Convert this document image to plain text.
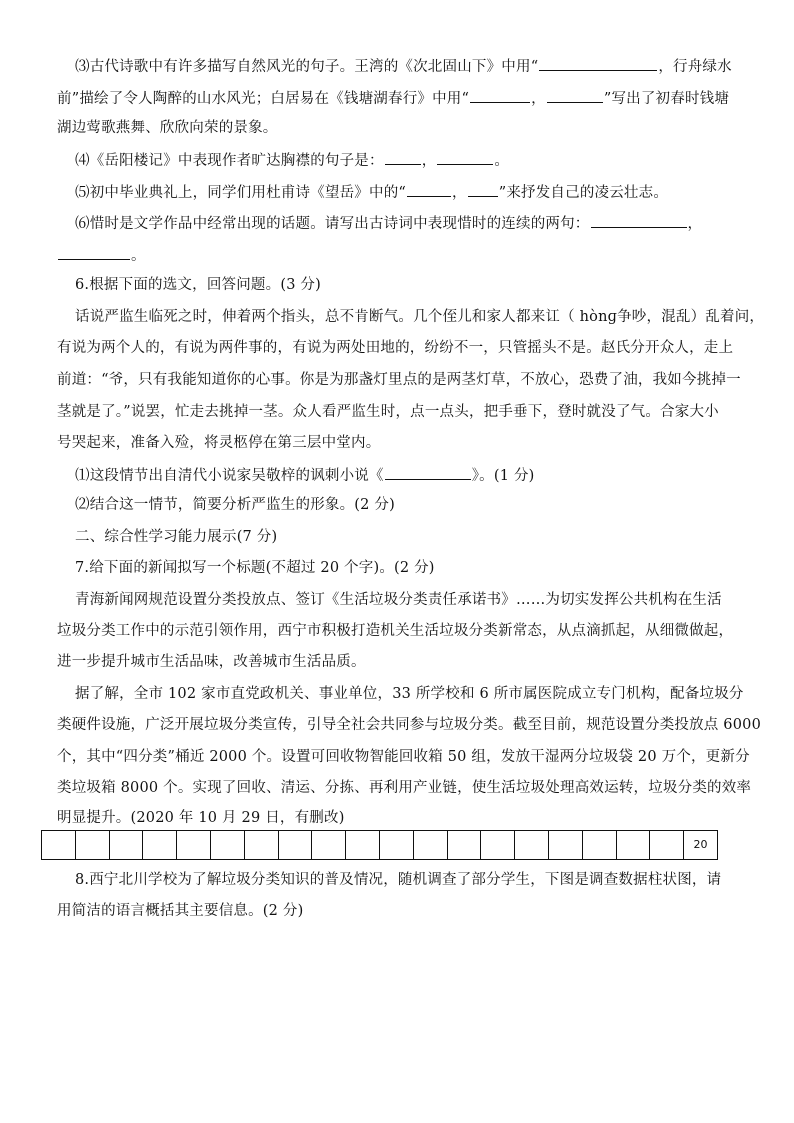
⑶古代诗歌中有许多描写自然风光的句子。王湾的《次北固山下》中用“	，行舟绿水
前”描绘了令人陶醉的山水风光；白居易在《钱塘湖春行》中用“	，	”写出了初春时钱塘
湖边莺歌燕舞、欣欣向荣的景象。
⑷《岳阳楼记》中表现作者旷达胸襟的句子是：	，	。
⑸初中毕业典礼上，同学们用杜甫诗《望岳》中的“	， ”来抒发自己的凌云壮志。
⑹惜时是文学作品中经常出现的话题。请写出古诗词中表现惜时的连续的两句：	，
。
6.根据下面的选文，回答问题。(3 分)
话说严监生临死之时，伸着两个指头，总不肯断气。几个侄儿和家人都来讧（ hònɡ争吵，混乱）乱着问，
有说为两个人的，有说为两件事的，有说为两处田地的，纷纷不一，只管摇头不是。赵氏分开众人，走上
前道：“爷，只有我能知道你的心事。你是为那盏灯里点的是两茎灯草，不放心，恐费了油，我如今挑掉一
茎就是了。”说罢，忙走去挑掉一茎。众人看严监生时，点一点头，把手垂下，登时就没了气。合家大小
号哭起来，准备入殓，将灵柩停在第三层中堂内。
⑴这段情节出自清代小说家吴敬梓的讽刺小说《	》。(1 分)
⑵结合这一情节，简要分析严监生的形象。(2 分)
二、综合性学习能力展示(7 分)
7.给下面的新闻拟写一个标题(不超过 20 个字)。(2 分)
青海新闻网规范设置分类投放点、签订《生活垃圾分类责任承诺书》……为切实发挥公共机构在生活
垃圾分类工作中的示范引领作用，西宁市积极打造机关生活垃圾分类新常态，从点滴抓起，从细微做起，
进一步提升城市生活品味，改善城市生活品质。
据了解，全市 102 家市直党政机关、事业单位，33 所学校和 6 所市属医院成立专门机构，配备垃圾分
类硬件设施，广泛开展垃圾分类宣传，引导全社会共同参与垃圾分类。截至目前，规范设置分类投放点 6000
个，其中“四分类”桶近 2000 个。设置可回收物智能回收箱 50 组，发放干湿两分垃圾袋 20 万个，更新分
类垃圾箱 8000 个。实现了回收、清运、分拣、再利用产业链，使生活垃圾处理高效运转，垃圾分类的效率
明显提升。(2020 年 10 月 29 日，有删改)
20
8.西宁北川学校为了解垃圾分类知识的普及情况，随机调查了部分学生，下图是调查数据柱状图，请
用简洁的语言概括其主要信息。(2 分)
